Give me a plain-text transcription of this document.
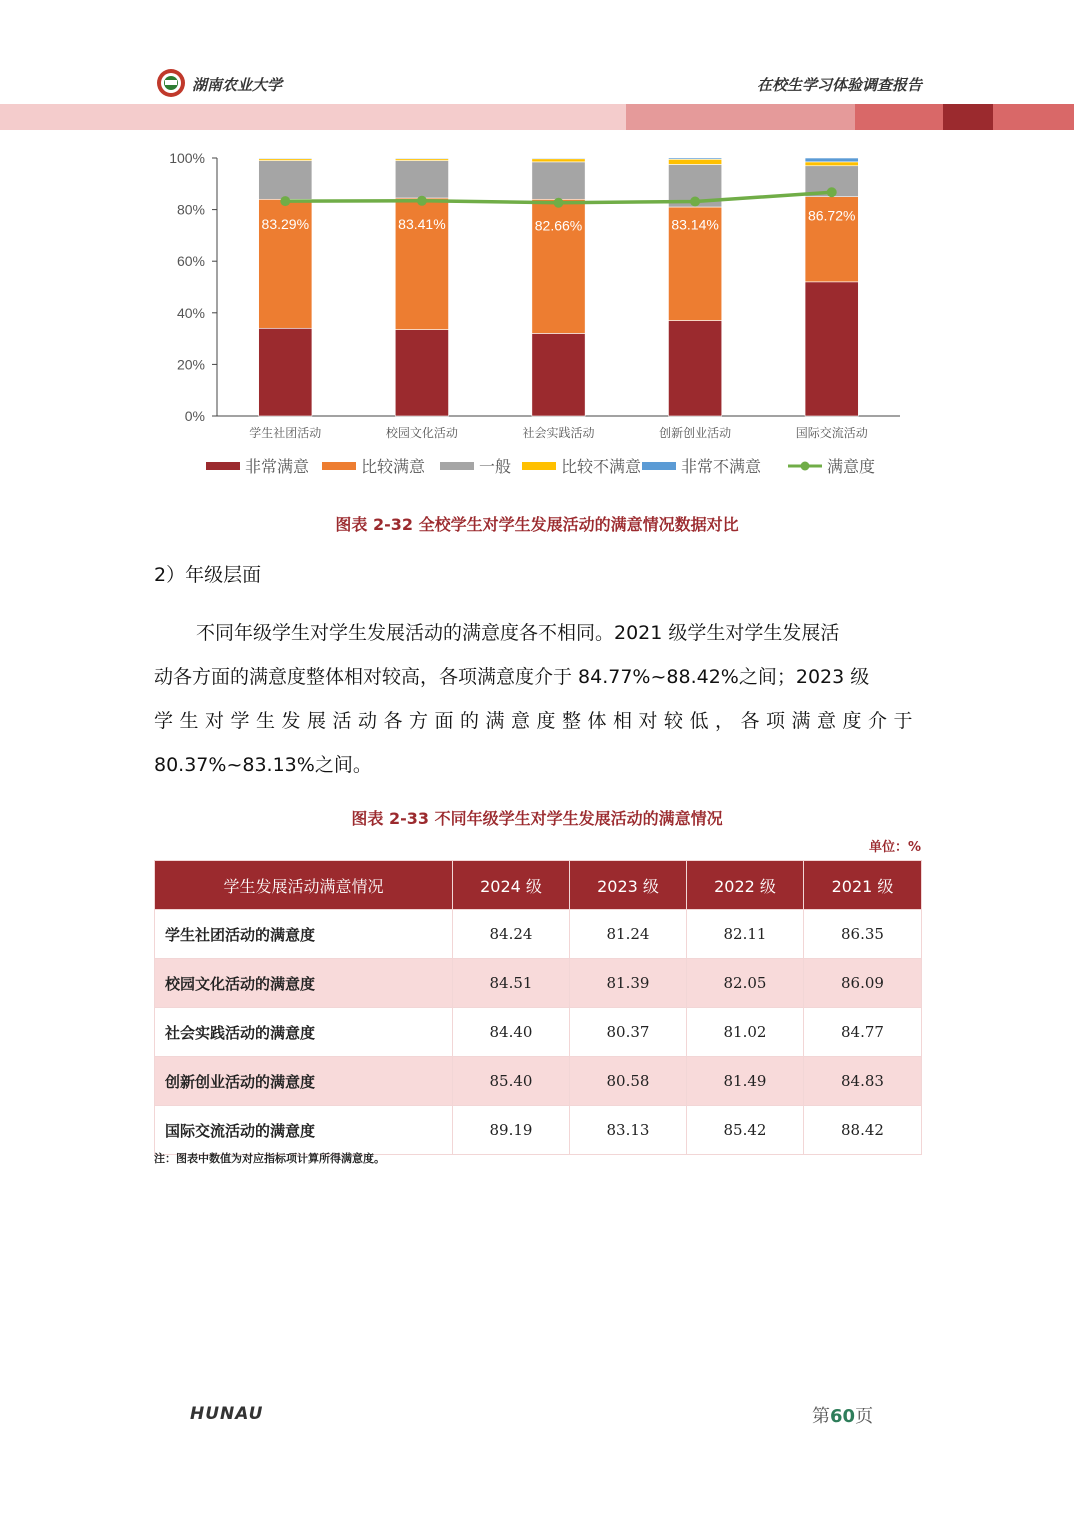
湖南农业大学	在校生学习体验调查报告
0%
20%
40%
60%
80%
100%
学生社团活动	校园文化活动	社会实践活动	创新创业活动	国际交流活动
83.29%	83.41%	82.66%	83.14%
86.72%
非常满意	比较满意	一般	比较不满意 非常不满意	满意度
图表 2-32 全校学生对学生发展活动的满意情况数据对比
2）年级层面
不同年级学生对学生发展活动的满意度各不相同。2021 级学生对学生发展活
动各方面的满意度整体相对较高，各项满意度介于 84.77%~88.42%之间；2023 级
学生对学生发展活动各方面的满意度整体相对较低，各项满意度介于
80.37%~83.13%之间。
图表 2-33 不同年级学生对学生发展活动的满意情况
单位：%
学生发展活动满意情况	2024 级	2023 级	2022 级	2021 级
学生社团活动的满意度	84.24	81.24	82.11	86.35
校园文化活动的满意度	84.51	81.39	82.05	86.09
社会实践活动的满意度	84.40	80.37	81.02	84.77
创新创业活动的满意度	85.40	80.58	81.49	84.83
国际交流活动的满意度	89.19	83.13	85.42	88.42
注：图表中数值为对应指标项计算所得满意度。
HUNAU	第60页
